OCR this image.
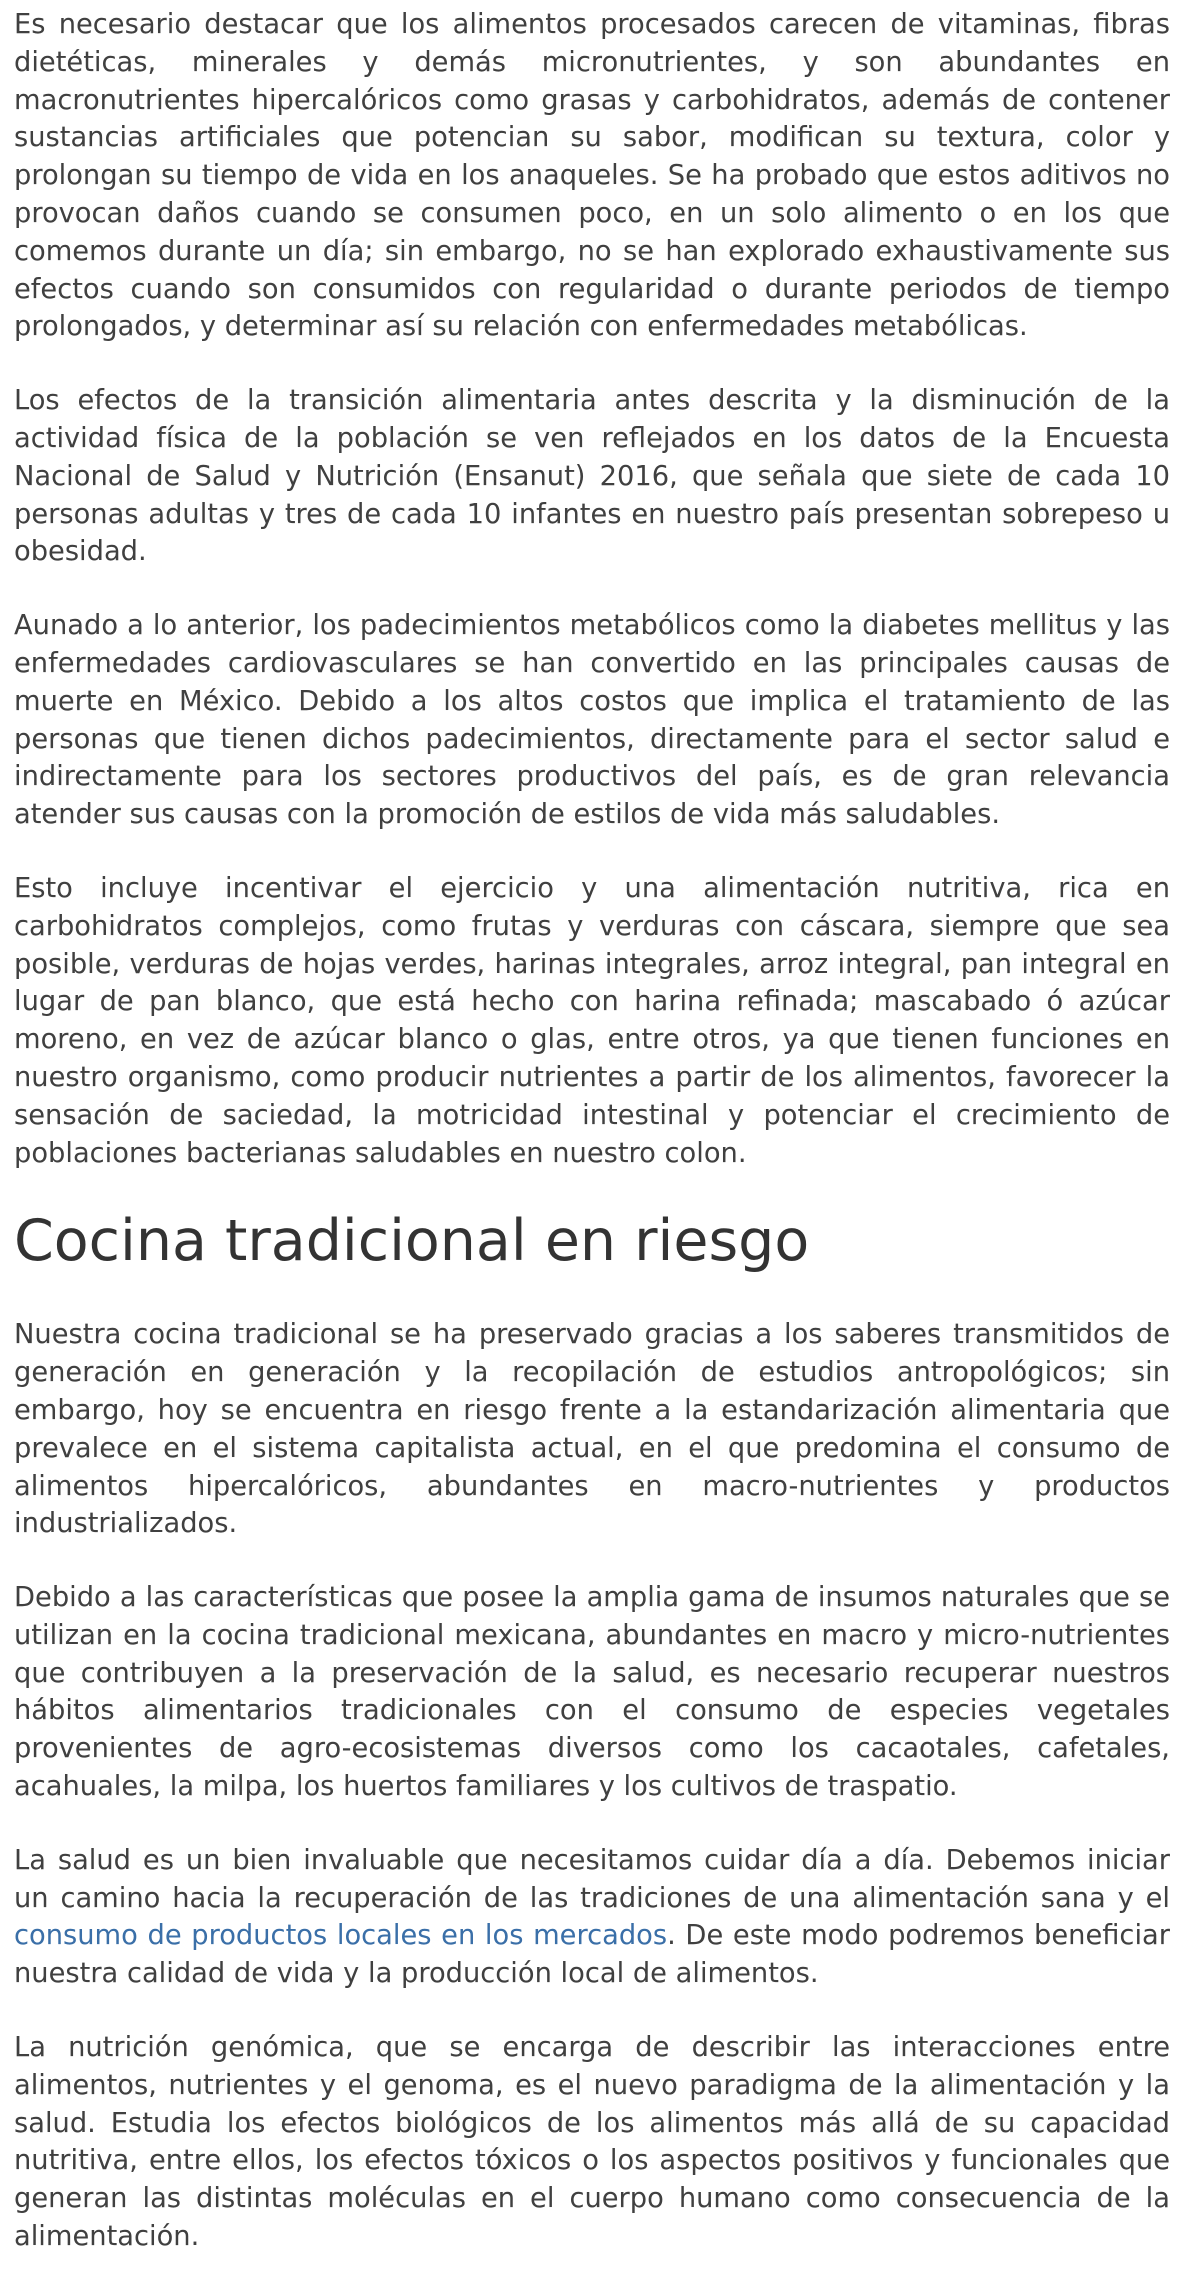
Es necesario destacar que los alimentos procesados carecen de vitaminas, fibras dietéticas, minerales y demás micronutrientes, y son abundantes en macronutrientes hipercalóricos como grasas y carbohidratos, además de contener sustancias artificiales que potencian su sabor, modifican su textura, color y prolongan su tiempo de vida en los anaqueles. Se ha probado que estos aditivos no provocan daños cuando se consumen poco, en un solo alimento o en los que comemos durante un día; sin embargo, no se han explorado exhaustivamente sus efectos cuando son consumidos con regularidad o durante periodos de tiempo prolongados, y determinar así su relación con enfermedades metabólicas.

Los efectos de la transición alimentaria antes descrita y la disminución de la actividad física de la población se ven reflejados en los datos de la Encuesta Nacional de Salud y Nutrición (Ensanut) 2016, que señala que siete de cada 10 personas adultas y tres de cada 10 infantes en nuestro país presentan sobrepeso u obesidad.

Aunado a lo anterior, los padecimientos metabólicos como la diabetes mellitus y las enfermedades cardiovasculares se han convertido en las principales causas de muerte en México. Debido a los altos costos que implica el tratamiento de las personas que tienen dichos padecimientos, directamente para el sector salud e indirectamente para los sectores productivos del país, es de gran relevancia atender sus causas con la promoción de estilos de vida más saludables.

Esto incluye incentivar el ejercicio y una alimentación nutritiva, rica en carbohidratos complejos, como frutas y verduras con cáscara, siempre que sea posible, verduras de hojas verdes, harinas integrales, arroz integral, pan integral en lugar de pan blanco, que está hecho con harina refinada; mascabado ó azúcar moreno, en vez de azúcar blanco o glas, entre otros, ya que tienen funciones en nuestro organismo, como producir nutrientes a partir de los alimentos, favorecer la sensación de saciedad, la motricidad intestinal y potenciar el crecimiento de poblaciones bacterianas saludables en nuestro colon.

Cocina tradicional en riesgo

Nuestra cocina tradicional se ha preservado gracias a los saberes transmitidos de generación en generación y la recopilación de estudios antropológicos; sin embargo, hoy se encuentra en riesgo frente a la estandarización alimentaria que prevalece en el sistema capitalista actual, en el que predomina el consumo de alimentos hipercalóricos, abundantes en macro-nutrientes y productos industrializados.

Debido a las características que posee la amplia gama de insumos naturales que se utilizan en la cocina tradicional mexicana, abundantes en macro y micro-nutrientes que contribuyen a la preservación de la salud, es necesario recuperar nuestros hábitos alimentarios tradicionales con el consumo de especies vegetales provenientes de agro-ecosistemas diversos como los cacaotales, cafetales, acahuales, la milpa, los huertos familiares y los cultivos de traspatio.

La salud es un bien invaluable que necesitamos cuidar día a día. Debemos iniciar un camino hacia la recuperación de las tradiciones de una alimentación sana y el consumo de productos locales en los mercados. De este modo podremos beneficiar nuestra calidad de vida y la producción local de alimentos.

La nutrición genómica, que se encarga de describir las interacciones entre alimentos, nutrientes y el genoma, es el nuevo paradigma de la alimentación y la salud. Estudia los efectos biológicos de los alimentos más allá de su capacidad nutritiva, entre ellos, los efectos tóxicos o los aspectos positivos y funcionales que generan las distintas moléculas en el cuerpo humano como consecuencia de la alimentación.
